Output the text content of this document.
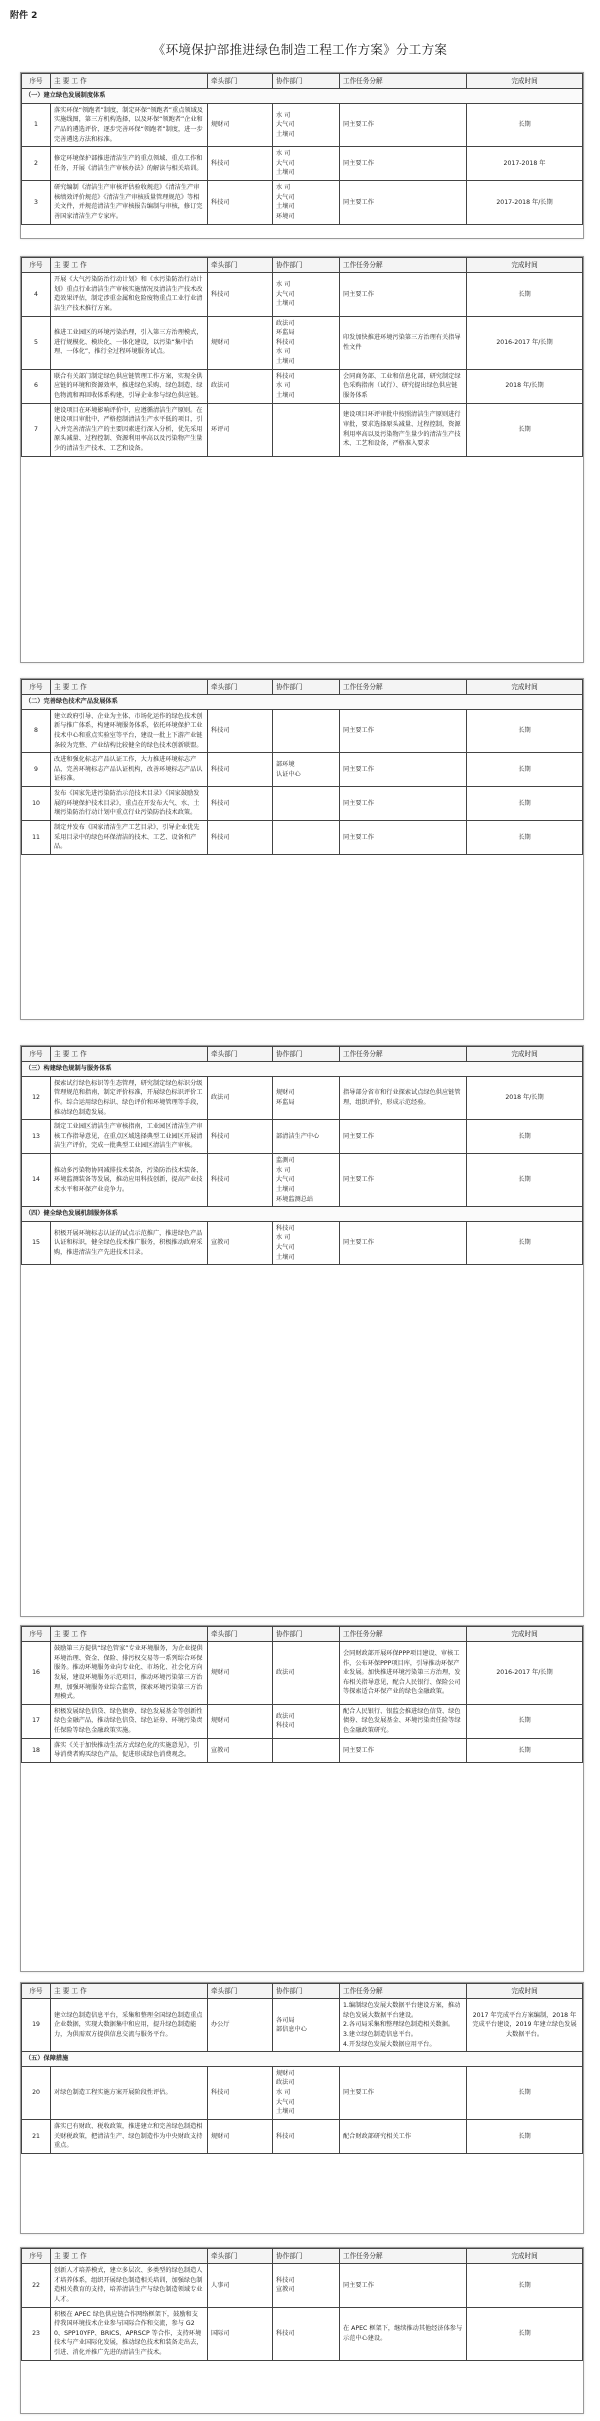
附件 2
《环境保护部推进绿色制造工程工作方案》分工方案
序号	主 要 工 作	牵头部门	协作部门	工作任务分解	完成时间
（一）建立绿色发展制度体系					
1	落实环保“领跑者”制度，制定环保“领跑者”重点领域及实施线图，第三方机构选择，以及环保“领跑者”企业和产品的遴选评价，逐步完善环保“领跑者”制度，进一步完善遴选方法和标准。	规财司	水 司
大气司
土壤司	同主要工作	长期
2	修定环境保护部推进清洁生产的重点领域、重点工作和任务，开展《清洁生产审核办法》的解读与相关培训。	科技司	水 司
大气司
土壤司	同主要工作	2017-2018 年
3	研究编制《清洁生产审核评估验收规范》《清洁生产审核绩效评价规范》《清洁生产审核质量管理规范》等相关文件，并规范清洁生产审核报告编制与审核，修订完善国家清洁生产专家库。	科技司	水 司
大气司
土壤司
环境司	同主要工作	2017-2018 年/长期
序号	主 要 工 作	牵头部门	协作部门	工作任务分解	完成时间
4	开展《大气污染防治行动计划》和《水污染防治行动计划》重点行业清洁生产审核实施情况及清洁生产技术改造效果评估，制定涉重金属和危险废物重点工业行业清洁生产技术推行方案。	科技司	水 司
大气司
土壤司	同主要工作	长期
5	推进工业园区的环境污染治理，引入第三方治理模式，进行规模化、模块化、一体化建设，以污染“集中治理、一体化”，推行全过程环境服务试点。	规财司	政法司
环监局
科技司
水 司
土壤司	印发加快推进环境污染第三方治理有关指导性文件	2016-2017 年/长期
6	联合有关部门制定绿色供应链管理工作方案，实现全供应链的环境和资源效率，推进绿色采购、绿色制造、绿色物流和再回收体系构建，引导企业参与绿色供应链。	政法司	科技司
水 司
土壤司	会同商务部、工业和信息化部，研究制定绿色采购指南（试行）、研究提出绿色供应链服务体系	2018 年/长期
7	建设项目在环境影响评价中，应遵循清洁生产原则。在建设项目审批中，严格控制清洁生产水平低的项目，引入并完善清洁生产的主要因素进行深入分析，优先采用原头减量、过程控制、资源利用率高以及污染物产生量少的清洁生产技术、工艺和设备。	环评司		建设项目环评审批中按照清洁生产原则进行审批，要求选择原头减量、过程控制，资源利用率高以及污染物产生量少的清洁生产技术、工艺和设备，严格准入要求	长期
序号	主 要 工 作	牵头部门	协作部门	工作任务分解	完成时间
（二）完善绿色技术产品发展体系					
8	建立政府引导、企业为主体、市场化运作的绿色技术创新与推广体系，构建环境服务体系，依托环境保护工业技术中心和重点实验室等平台，建设一批上下游产业链条较为完整、产业结构比较健全的绿色技术创新联盟。	科技司		同主要工作	长期
9	改进和强化标志产品认证工作，大力推进环境标志产品，完善环境标志产品认证机构，改善环境标志产品认证标准。	科技司	部环境
认证中心	同主要工作	长期
10	发布《国家先进污染防治示范技术目录》《国家鼓励发展的环境保护技术目录》，重点在开发布大气、水、土壤污染防治行动计划中重点行业污染防治技术政策。	科技司		同主要工作	长期
11	制定并发布《国家清洁生产工艺目录》，引导企业优先采用目录中的绿色环保清洁的技术、工艺、设备和产品。	科技司		同主要工作	长期
序号	主 要 工 作	牵头部门	协作部门	工作任务分解	完成时间
（三）构建绿色规制与服务体系					
12	探索试行绿色标识等生态管理，研究制定绿色标识分级管理规范和指南，制定评价标准，开展绿色标识评价工作。综合运用绿色标识、绿色评价和环境管理等手段，推动绿色制造发展。	政法司	规财司
环监局	指导部分省市和行业探索试点绿色供应链管理，组织评价，形成示范经验。	2018 年/长期
13	制定工业园区清洁生产审核指南，工业园区清洁生产审核工作指导意见，在重点区域选择典型工业园区开展清洁生产评价，完成一批典型工业园区清洁生产审核。	科技司	部清洁生产中心	同主要工作	长期
14	推动多污染物协同减排技术装备，污染防治技术装备、环境监测装备等发展，推动应用科技创新，提高产业技术水平和环保产业竞争力。	科技司	监测司
水 司
大气司
土壤司
环境监测总站	同主要工作	长期
（四）健全绿色发展机制服务体系					
15	积极开展环境标志认证的试点示范推广，推进绿色产品认证和标识，健全绿色技术推广服务，积极推动政府采购，推进清洁生产先进技术目录。	宣教司	科技司
水 司
大气司
土壤司	同主要工作	长期
序号	主 要 工 作	牵头部门	协作部门	工作任务分解	完成时间
16	鼓励第三方提供“绿色管家”专业环境服务，为企业提供环境治理、资金、保险、排污权交易等一系列综合环保服务。推动环境服务业向专业化、市场化、社会化方向发展，建设环境服务示范项目，推动环境污染第三方治理，加强环境服务业综合监管，探索环境污染第三方治理模式。	规财司	政法司	会同财政部开展环保PPP项目建设、审核工作，公布环保PPP项目库，引导推动环保产业发展。加快推进环境污染第三方治理，发布相关指导意见，配合人民银行、保险公司等探索适合环保产业的绿色金融政策。	2016-2017 年/长期
17	积极发展绿色信贷、绿色债券、绿色发展基金等创新性绿色金融产品，推动绿色信贷、绿色证券、环境污染责任保险等绿色金融政策实施。	规财司	政法司
科技司	配合人民银行、银监会推进绿色信贷、绿色债券、绿色发展基金、环境污染责任险等绿色金融政策研究。	长期
18	落实《关于加快推动生活方式绿色化的实施意见》，引导消费者购买绿色产品，促进形成绿色消费观念。	宣教司		同主要工作	长期
序号	主 要 工 作	牵头部门	协作部门	工作任务分解	完成时间
19	建立绿色制造信息平台，采集和整理全国绿色制造重点企业数据，实现大数据集中和应用，提升绿色制造能力，为供需双方提供信息交流与服务平台。	办公厅	各司局
部信息中心	1.编制绿色发展大数据平台建设方案，推动绿色发展大数据平台建设。
2.各司局采集和整理绿色制造相关数据。
3.建立绿色制造信息平台。
4.开发绿色发展大数据应用平台。	2017 年完成平台方案编制，2018 年完成平台建设，2019 年建立绿色发展大数据平台。
（五）保障措施					
20	对绿色制造工程实施方案开展阶段性评估。	科技司	规财司
政法司
水 司
大气司
土壤司	同主要工作	长期
21	落实已有财政、税收政策，推进建立和完善绿色制造相关财税政策，把清洁生产、绿色制造作为中央财政支持重点。	规财司	科技司	配合财政部研究相关工作	长期
序号	主 要 工 作	牵头部门	协作部门	工作任务分解	完成时间
22	创新人才培养模式，建立多层次、多类型的绿色制造人才培养体系，组织开展绿色制造相关培训，加强绿色制造相关教育的支持，培养清洁生产与绿色制造领域专业人才。	人事司	科技司
宣教司	同主要工作	长期
23	积极在 APEC 绿色供应链合作网络框架下，鼓励和支持我国环境技术企业参与国际合作和交流，参与 G20、SPP10YFP、BRICS、APRSCP 等合作，支持环境技术与产业国际化发展，推动绿色技术和装备走出去，引进、消化并推广先进的清洁生产技术。	国际司	科技司	在 APEC 框架下，继续推动其他经济体参与示范中心建设。	长期
